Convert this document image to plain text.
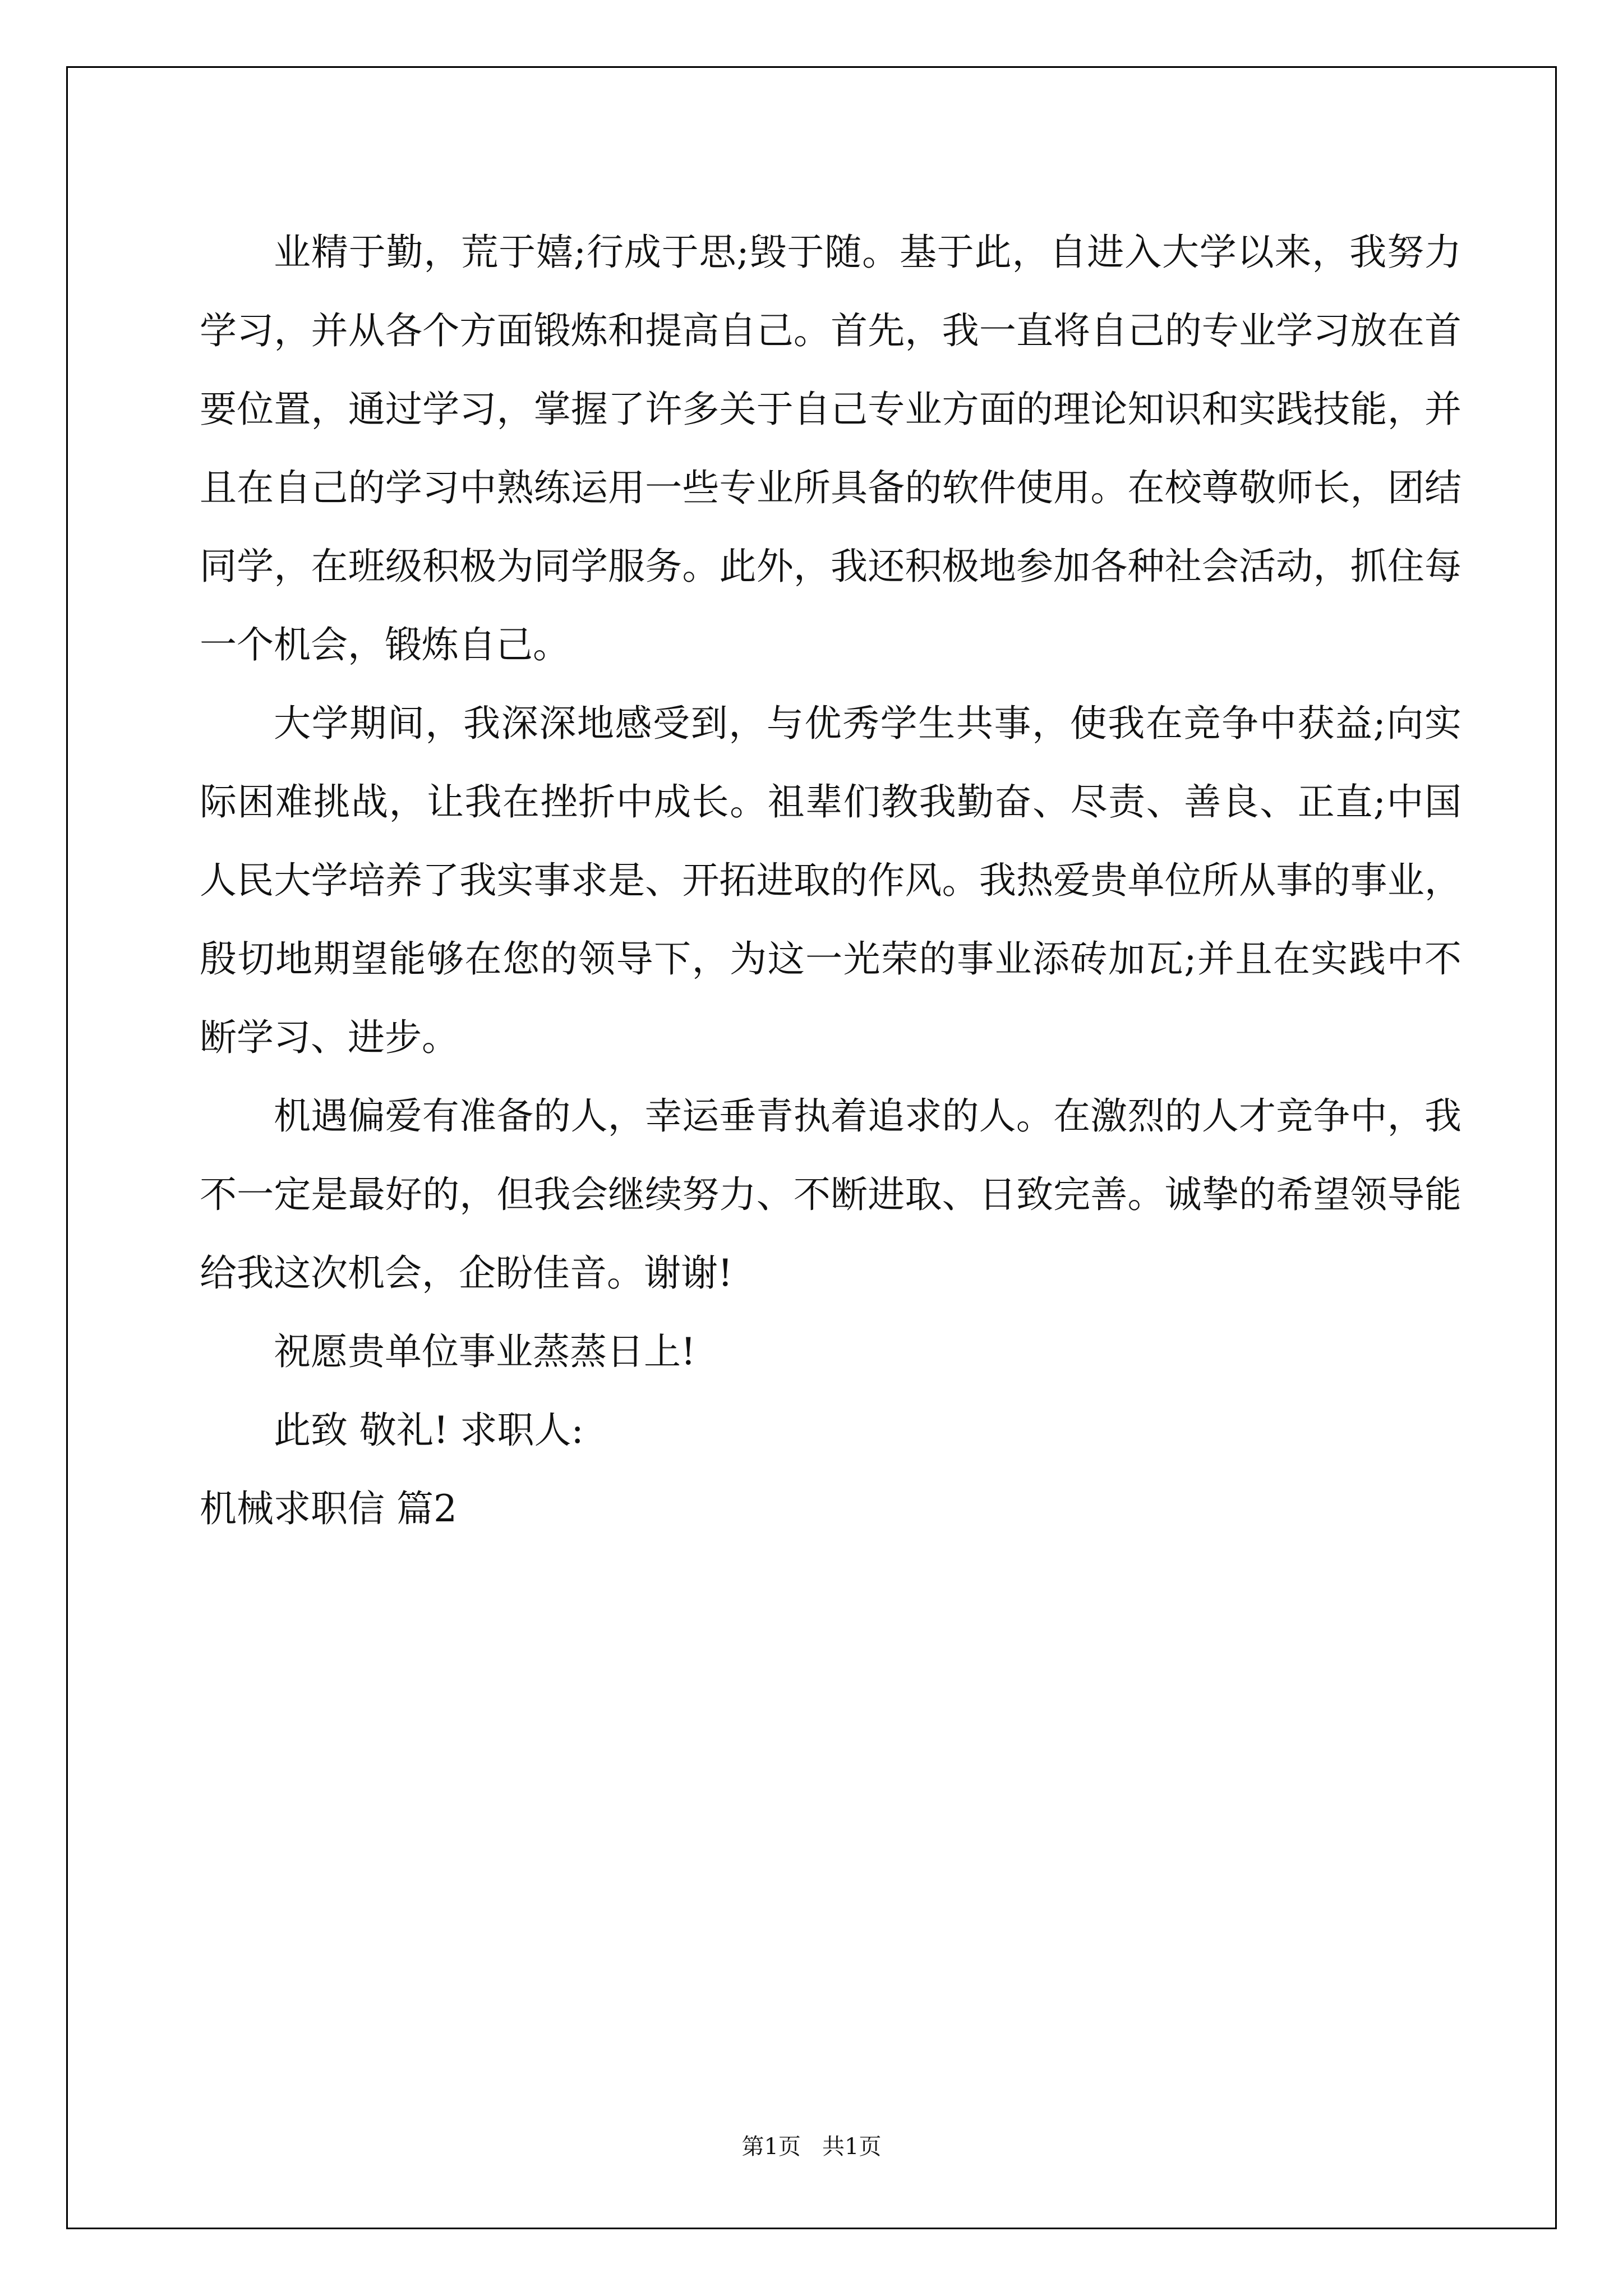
业精于勤，荒于嬉;行成于思;毁于随。基于此，自进入大学以来，我努力学习，并从各个方面锻炼和提高自己。首先，我一直将自己的专业学习放在首要位置，通过学习，掌握了许多关于自己专业方面的理论知识和实践技能，并且在自己的学习中熟练运用一些专业所具备的软件使用。在校尊敬师长，团结同学，在班级积极为同学服务。此外，我还积极地参加各种社会活动，抓住每一个机会，锻炼自己。

大学期间，我深深地感受到，与优秀学生共事，使我在竞争中获益;向实际困难挑战，让我在挫折中成长。祖辈们教我勤奋、尽责、善良、正直;中国人民大学培养了我实事求是、开拓进取的作风。我热爱贵单位所从事的事业，殷切地期望能够在您的领导下，为这一光荣的事业添砖加瓦;并且在实践中不断学习、进步。

机遇偏爱有准备的人，幸运垂青执着追求的人。在激烈的人才竞争中，我不一定是最好的，但我会继续努力、不断进取、日致完善。诚挚的希望领导能给我这次机会，企盼佳音。谢谢!

祝愿贵单位事业蒸蒸日上!

此致 敬礼! 求职人:

机械求职信 篇2

第1页   共1页
